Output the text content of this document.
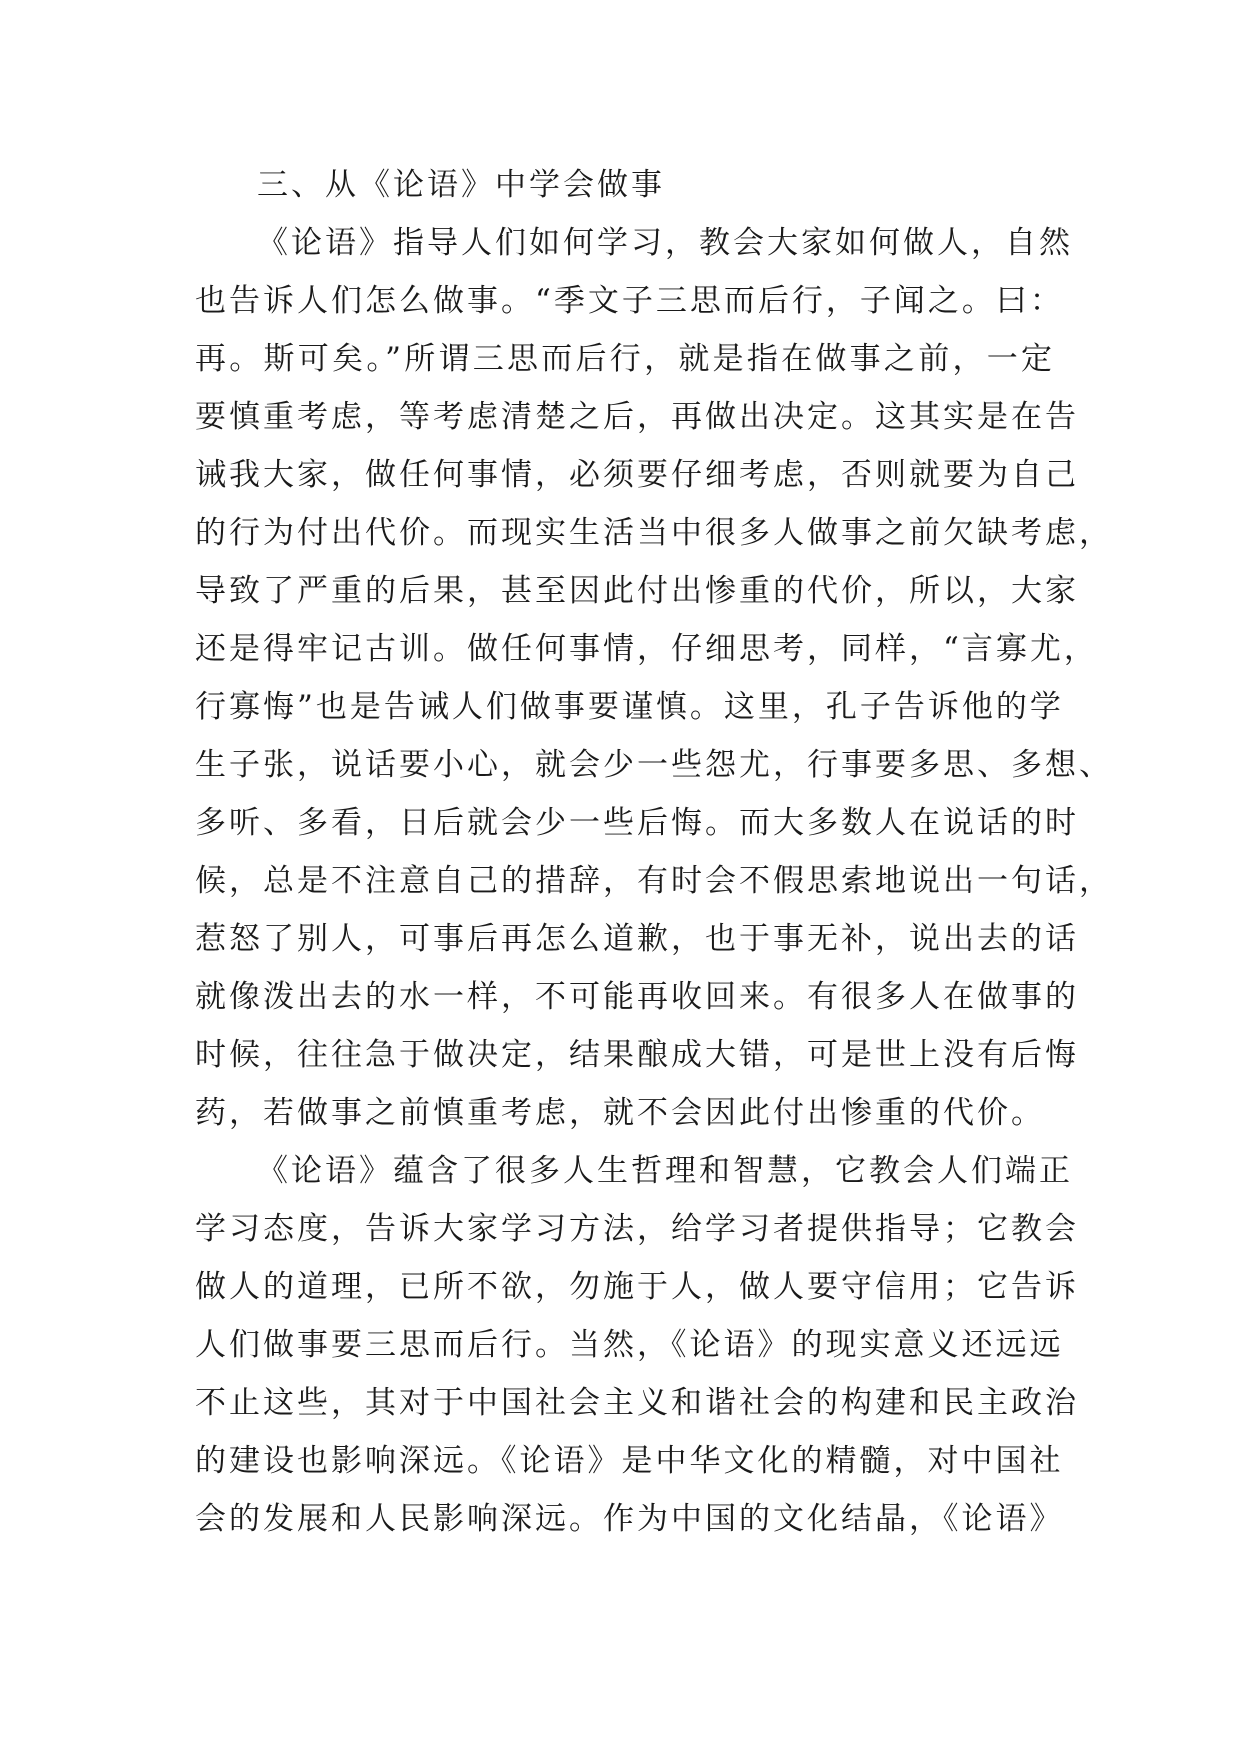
三、从《论语》中学会做事
《论语》指导人们如何学习，教会大家如何做人，自然
也告诉人们怎么做事。“季文子三思而后行，子闻之。曰：
再。斯可矣。”所谓三思而后行，就是指在做事之前，一定
要慎重考虑，等考虑清楚之后，再做出决定。这其实是在告
诫我大家，做任何事情，必须要仔细考虑，否则就要为自己
的行为付出代价。而现实生活当中很多人做事之前欠缺考虑，
导致了严重的后果，甚至因此付出惨重的代价，所以，大家
还是得牢记古训。做任何事情，仔细思考，同样，“言寡尤，
行寡悔”也是告诫人们做事要谨慎。这里，孔子告诉他的学
生子张，说话要小心，就会少一些怨尤，行事要多思、多想、
多听、多看，日后就会少一些后悔。而大多数人在说话的时
候，总是不注意自己的措辞，有时会不假思索地说出一句话，
惹怒了别人，可事后再怎么道歉，也于事无补，说出去的话
就像泼出去的水一样，不可能再收回来。有很多人在做事的
时候，往往急于做决定，结果酿成大错，可是世上没有后悔
药，若做事之前慎重考虑，就不会因此付出惨重的代价。
《论语》蕴含了很多人生哲理和智慧，它教会人们端正
学习态度，告诉大家学习方法，给学习者提供指导；它教会
做人的道理，已所不欲，勿施于人，做人要守信用；它告诉
人们做事要三思而后行。当然，《论语》的现实意义还远远
不止这些，其对于中国社会主义和谐社会的构建和民主政治
的建设也影响深远。《论语》是中华文化的精髓，对中国社
会的发展和人民影响深远。作为中国的文化结晶，《论语》
